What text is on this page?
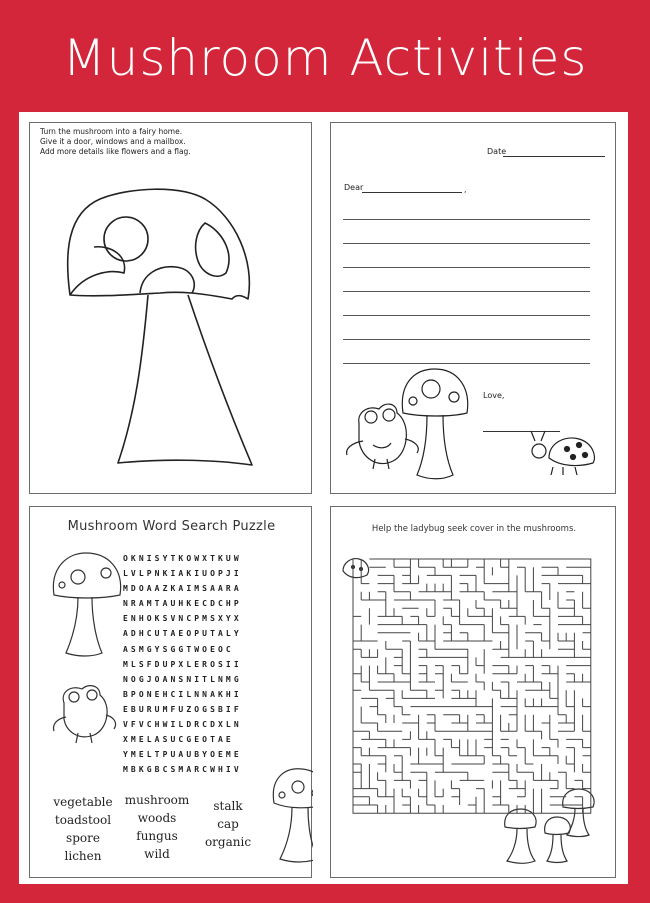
Mushroom Activities
Turn the mushroom into a fairy home.
Give it a door, windows and a mailbox.
Add more details like flowers and a flag.	Date
Dear	,
Love,
Mushroom Word Search Puzzle
OKNISYTKOWXTKUW
LVLPNKIAKIUOPJI
MDOAAZKAIMSAARA
NRAMTAUHKECDCHP
ENHOKSVNCPMSXYX
ADHCUTAEOPUTALY
ASMGYSGGTWOEOC
MLSFDUPXLEROSII
NOGJOANSNITLNMG
BPONEHCILNNAKHI
EBURUMFUZOGSBIF
VFVCHWILDRCDXLN
XMELASUCGEOTAE
YMELTPUAUBYOEME
MBKGBCSMARCWHIV
vegetable
toadstool
spore
lichen
mushroom
woods
fungus
wild
stalk
cap
organic
Help the ladybug seek cover in the mushrooms.
